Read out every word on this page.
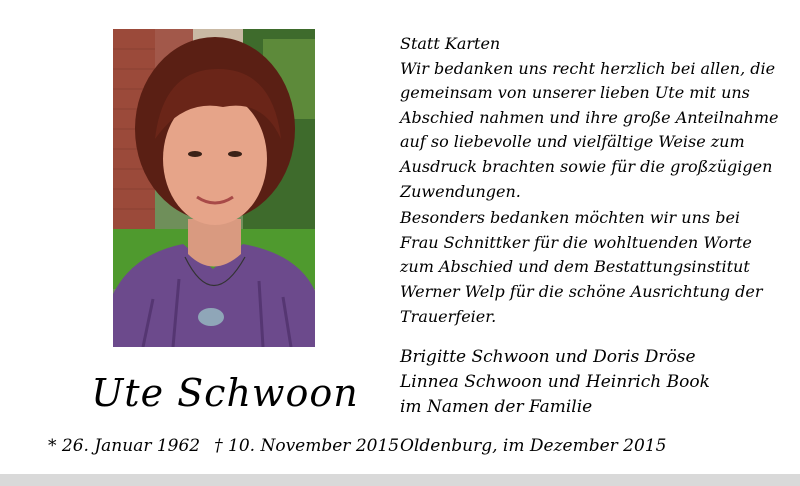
Ute Schwoon
* 26. Januar 1962 † 10. November 2015
Statt Karten
Wir bedanken uns recht herzlich bei allen, die
gemeinsam von unserer lieben Ute mit uns
Abschied nahmen und ihre große Anteilnahme
auf so liebevolle und vielfältige Weise zum
Ausdruck brachten sowie für die großzügigen
Zuwendungen.
Besonders bedanken möchten wir uns bei
Frau Schnittker für die wohltuenden Worte
zum Abschied und dem Bestattungsinstitut
Werner Welp für die schöne Ausrichtung der
Trauerfeier.
Brigitte Schwoon und Doris Dröse
Linnea Schwoon und Heinrich Book
im Namen der Familie
Oldenburg, im Dezember 2015
